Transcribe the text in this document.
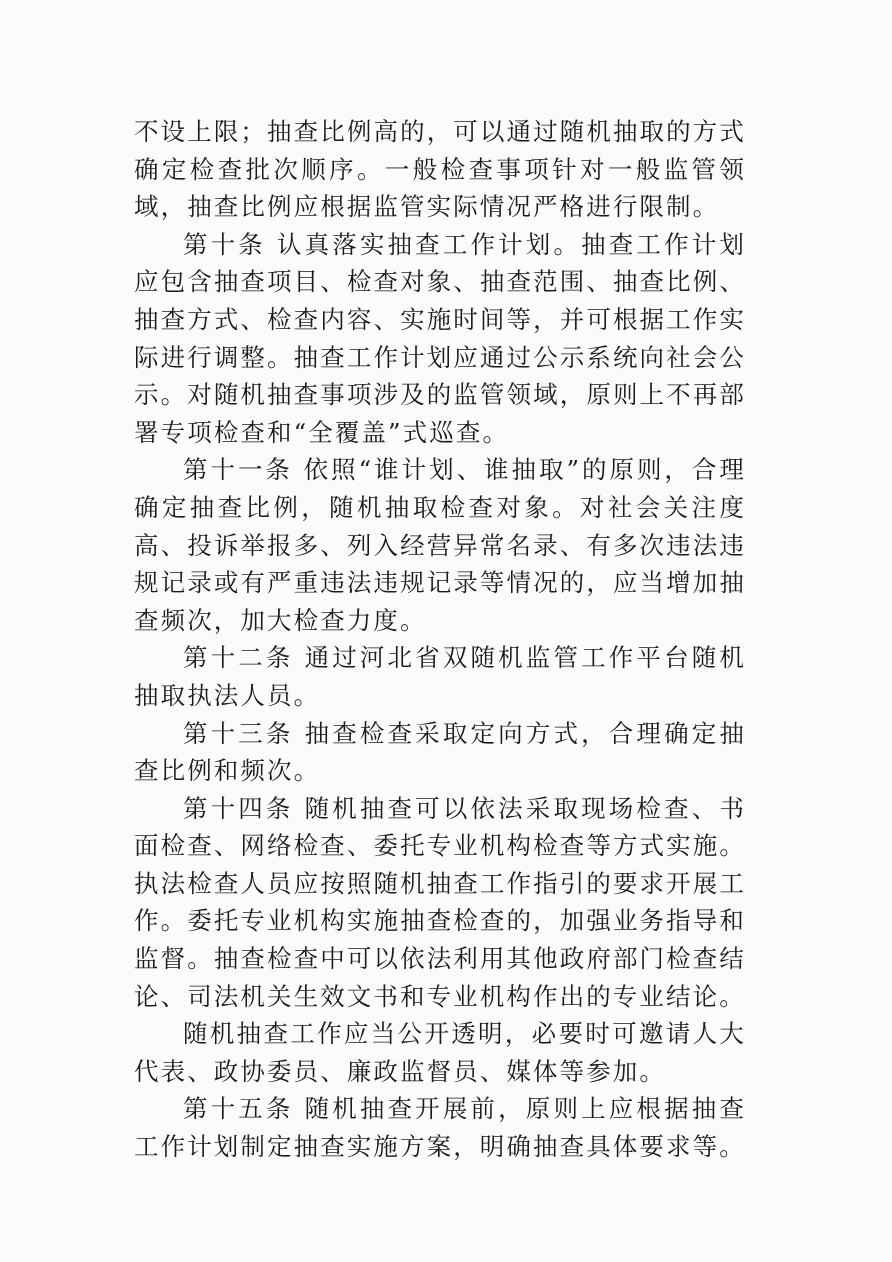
不设上限；抽查比例高的，可以通过随机抽取的方式确定检查批次顺序。一般检查事项针对一般监管领域，抽查比例应根据监管实际情况严格进行限制。

第十条 认真落实抽查工作计划。抽查工作计划应包含抽查项目、检查对象、抽查范围、抽查比例、抽查方式、检查内容、实施时间等，并可根据工作实际进行调整。抽查工作计划应通过公示系统向社会公示。对随机抽查事项涉及的监管领域，原则上不再部署专项检查和“全覆盖”式巡查。

第十一条 依照“谁计划、谁抽取”的原则，合理确定抽查比例，随机抽取检查对象。对社会关注度高、投诉举报多、列入经营异常名录、有多次违法违规记录或有严重违法违规记录等情况的，应当增加抽查频次，加大检查力度。

第十二条 通过河北省双随机监管工作平台随机抽取执法人员。

第十三条 抽查检查采取定向方式，合理确定抽查比例和频次。

第十四条 随机抽查可以依法采取现场检查、书面检查、网络检查、委托专业机构检查等方式实施。执法检查人员应按照随机抽查工作指引的要求开展工作。委托专业机构实施抽查检查的，加强业务指导和监督。抽查检查中可以依法利用其他政府部门检查结论、司法机关生效文书和专业机构作出的专业结论。

随机抽查工作应当公开透明，必要时可邀请人大代表、政协委员、廉政监督员、媒体等参加。

第十五条 随机抽查开展前，原则上应根据抽查工作计划制定抽查实施方案，明确抽查具体要求等。
